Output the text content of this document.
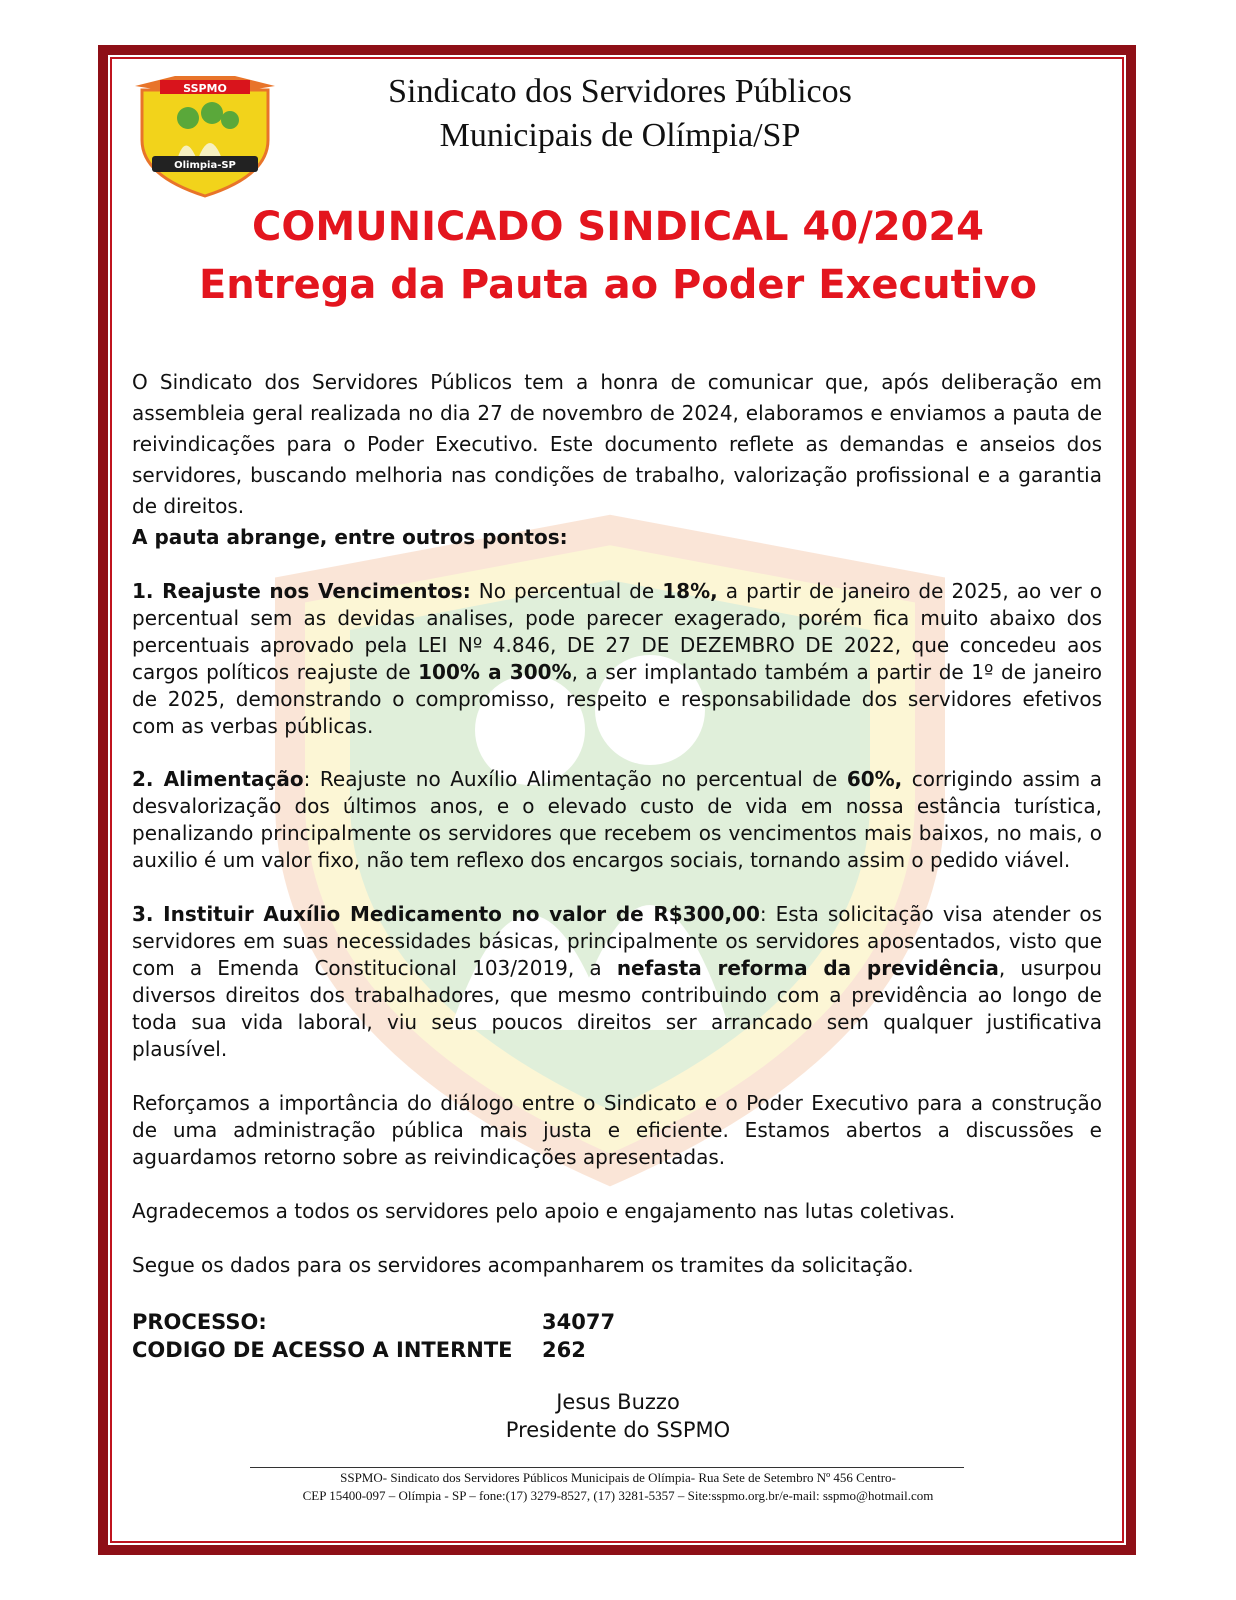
SSPMO
Olimpia-SP
Sindicato dos Servidores Públicos
Municipais de Olímpia/SP
COMUNICADO SINDICAL 40/2024
Entrega da Pauta ao Poder Executivo
O Sindicato dos Servidores Públicos tem a honra de comunicar que, após deliberação em assembleia geral realizada no dia 27 de novembro de 2024, elaboramos e enviamos a pauta de reivindicações para o Poder Executivo. Este documento reflete as demandas e anseios dos servidores, buscando melhoria nas condições de trabalho, valorização profissional e a garantia de direitos.
A pauta abrange, entre outros pontos:
1. Reajuste nos Vencimentos: No percentual de 18%, a partir de janeiro de 2025, ao ver o percentual sem as devidas analises, pode parecer exagerado, porém fica muito abaixo dos percentuais aprovado pela LEI Nº 4.846, DE 27 DE DEZEMBRO DE 2022, que concedeu aos cargos políticos reajuste de 100% a 300%, a ser implantado também a partir de 1º de janeiro de 2025, demonstrando o compromisso, respeito e responsabilidade dos servidores efetivos com as verbas públicas.
2. Alimentação: Reajuste no Auxílio Alimentação no percentual de 60%, corrigindo assim a desvalorização dos últimos anos, e o elevado custo de vida em nossa estância turística, penalizando principalmente os servidores que recebem os vencimentos mais baixos, no mais, o auxilio é um valor fixo, não tem reflexo dos encargos sociais, tornando assim o pedido viável.
3. Instituir Auxílio Medicamento no valor de R$300,00: Esta solicitação visa atender os servidores em suas necessidades básicas, principalmente os servidores aposentados, visto que com a Emenda Constitucional 103/2019, a nefasta reforma da previdência, usurpou diversos direitos dos trabalhadores, que mesmo contribuindo com a previdência ao longo de toda sua vida laboral, viu seus poucos direitos ser arrancado sem qualquer justificativa plausível.
Reforçamos a importância do diálogo entre o Sindicato e o Poder Executivo para a construção de uma administração pública mais justa e eficiente. Estamos abertos a discussões e aguardamos retorno sobre as reivindicações apresentadas.
Agradecemos a todos os servidores pelo apoio e engajamento nas lutas coletivas.
Segue os dados para os servidores acompanharem os tramites da solicitação.
PROCESSO:	34077
CODIGO DE ACESSO A INTERNTE	262
Jesus Buzzo
Presidente do SSPMO
SSPMO- Sindicato dos Servidores Públicos Municipais de Olímpia- Rua Sete de Setembro Nº 456 Centro-
CEP 15400-097 – Olímpia - SP – fone:(17) 3279-8527, (17) 3281-5357 – Site:sspmo.org.br/e-mail: sspmo@hotmail.com
